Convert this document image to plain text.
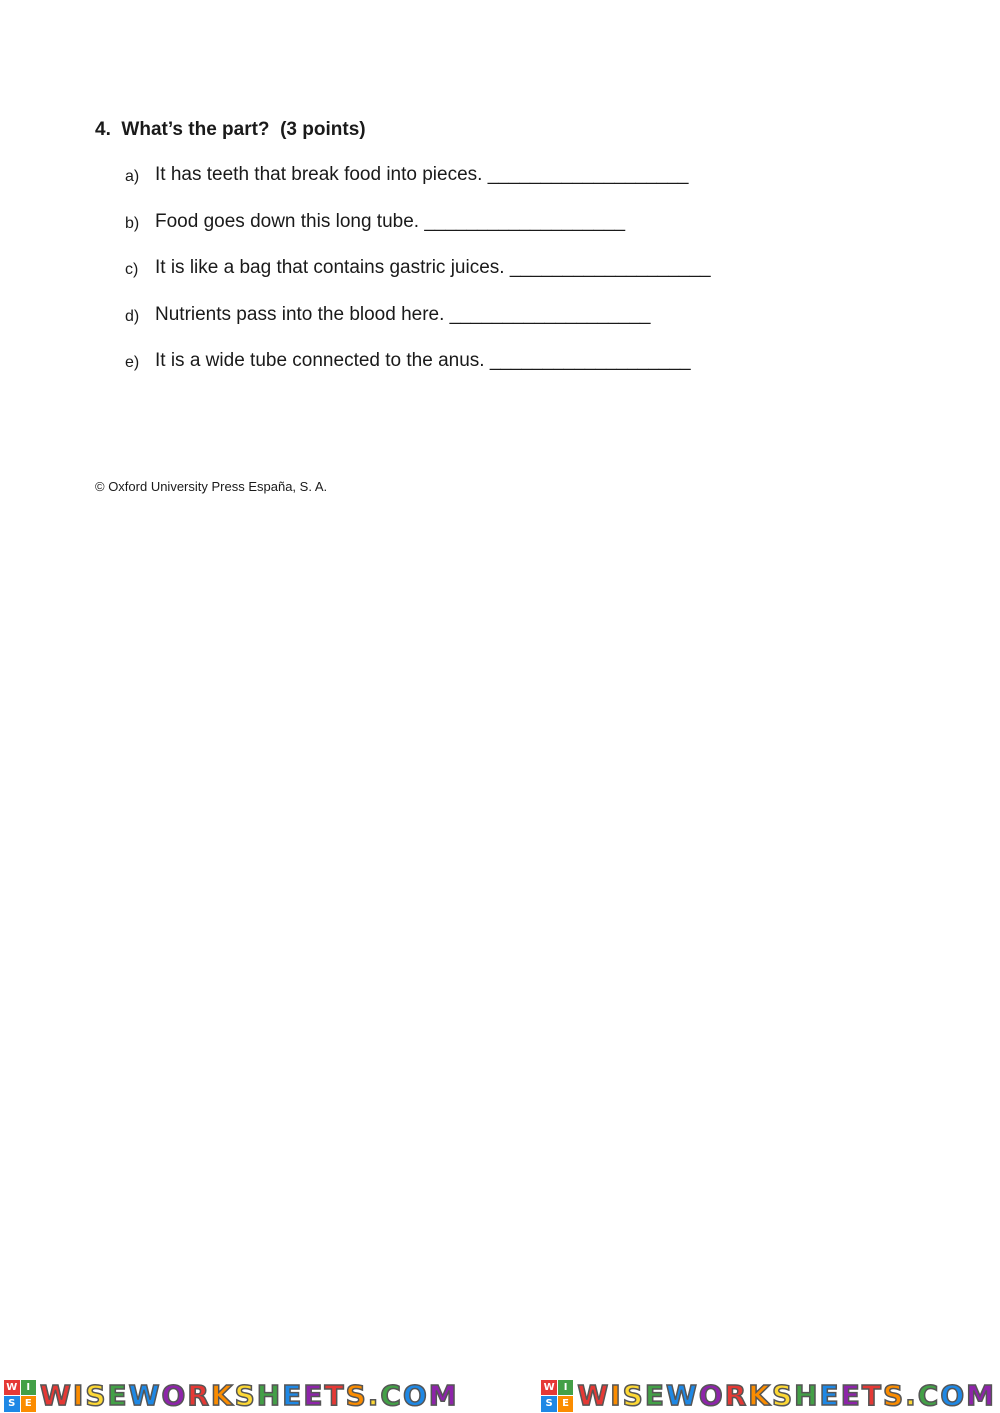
4.  What’s the part?  (3 points)
a) It has teeth that break food into pieces. ___________________
b) Food goes down this long tube. ___________________
c) It is like a bag that contains gastric juices. ___________________
d) Nutrients pass into the blood here. ___________________
e) It is a wide tube connected to the anus. ___________________
© Oxford University Press España, S. A.
W I
S E WISEWORKSHEETS.COM	W I
S E WISEWORKSHEETS.COM
